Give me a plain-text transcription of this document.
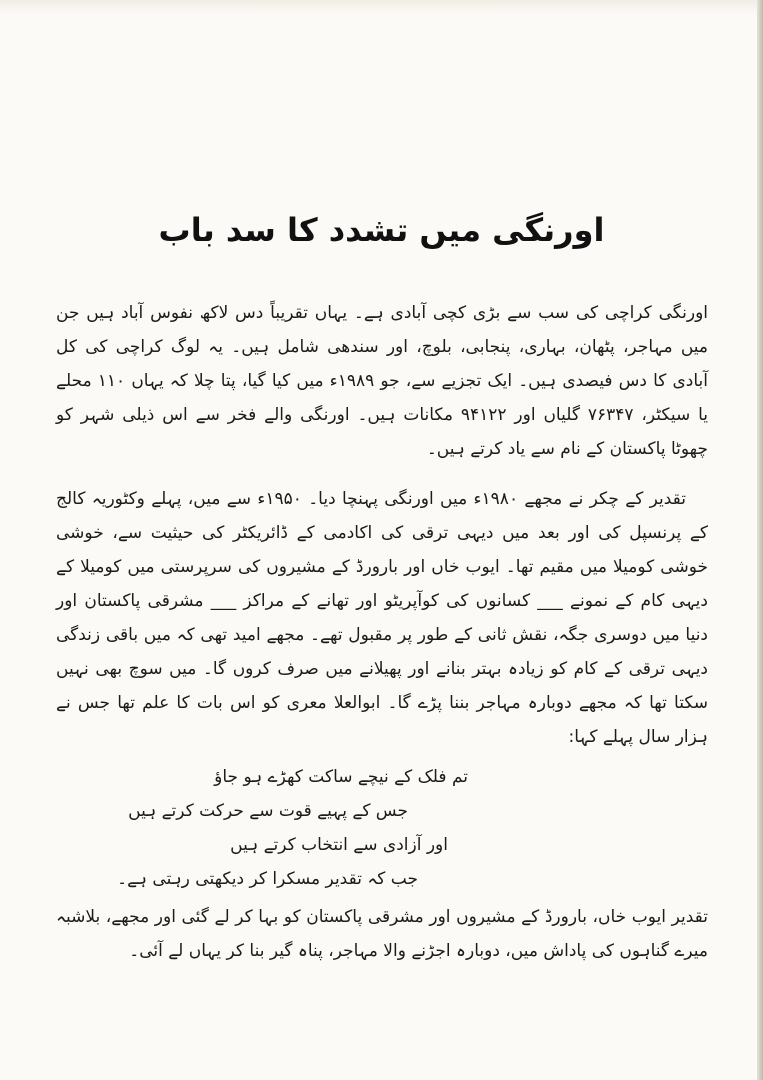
اورنگی میں تشدد کا سد باب

اورنگی کراچی کی سب سے بڑی کچی آبادی ہے۔ یہاں تقریباً دس لاکھ نفوس آباد ہیں جن میں مہاجر، پٹھان، بہاری، پنجابی، بلوچ، اور سندھی شامل ہیں۔ یہ لوگ کراچی کی کل آبادی کا دس فیصدی ہیں۔ ایک تجزیے سے، جو ۱۹۸۹ء میں کیا گیا، پتا چلا کہ یہاں ۱۱۰ محلے یا سیکٹر، ۷۶۳۴۷ گلیاں اور ۹۴۱۲۲ مکانات ہیں۔ اورنگی والے فخر سے اس ذیلی شہر کو چھوٹا پاکستان کے نام سے یاد کرتے ہیں۔

تقدیر کے چکر نے مجھے ۱۹۸۰ء میں اورنگی پہنچا دیا۔ ۱۹۵۰ء سے میں، پہلے وکٹوریہ کالج کے پرنسپل کی اور بعد میں دیہی ترقی کی اکادمی کے ڈائریکٹر کی حیثیت سے، خوشی خوشی کومیلا میں مقیم تھا۔ ایوب خاں اور بارورڈ کے مشیروں کی سرپرستی میں کومیلا کے دیہی کام کے نمونے ___ کسانوں کی کوآپریٹو اور تھانے کے مراکز ___ مشرقی پاکستان اور دنیا میں دوسری جگہ، نقش ثانی کے طور پر مقبول تھے۔ مجھے امید تھی کہ میں باقی زندگی دیہی ترقی کے کام کو زیادہ بہتر بنانے اور پھیلانے میں صرف کروں گا۔ میں سوچ بھی نہیں سکتا تھا کہ مجھے دوبارہ مہاجر بننا پڑے گا۔ ابوالعلا معری کو اس بات کا علم تھا جس نے ہزار سال پہلے کہا:

تم فلک کے نیچے ساکت کھڑے ہو جاؤ
جس کے پہیے قوت سے حرکت کرتے ہیں
اور آزادی سے انتخاب کرتے ہیں
جب کہ تقدیر مسکرا کر دیکھتی رہتی ہے۔

تقدیر ایوب خاں، بارورڈ کے مشیروں اور مشرقی پاکستان کو بہا کر لے گئی اور مجھے، بلاشبہ میرے گناہوں کی پاداش میں، دوبارہ اجڑنے والا مہاجر، پناہ گیر بنا کر یہاں لے آئی۔
